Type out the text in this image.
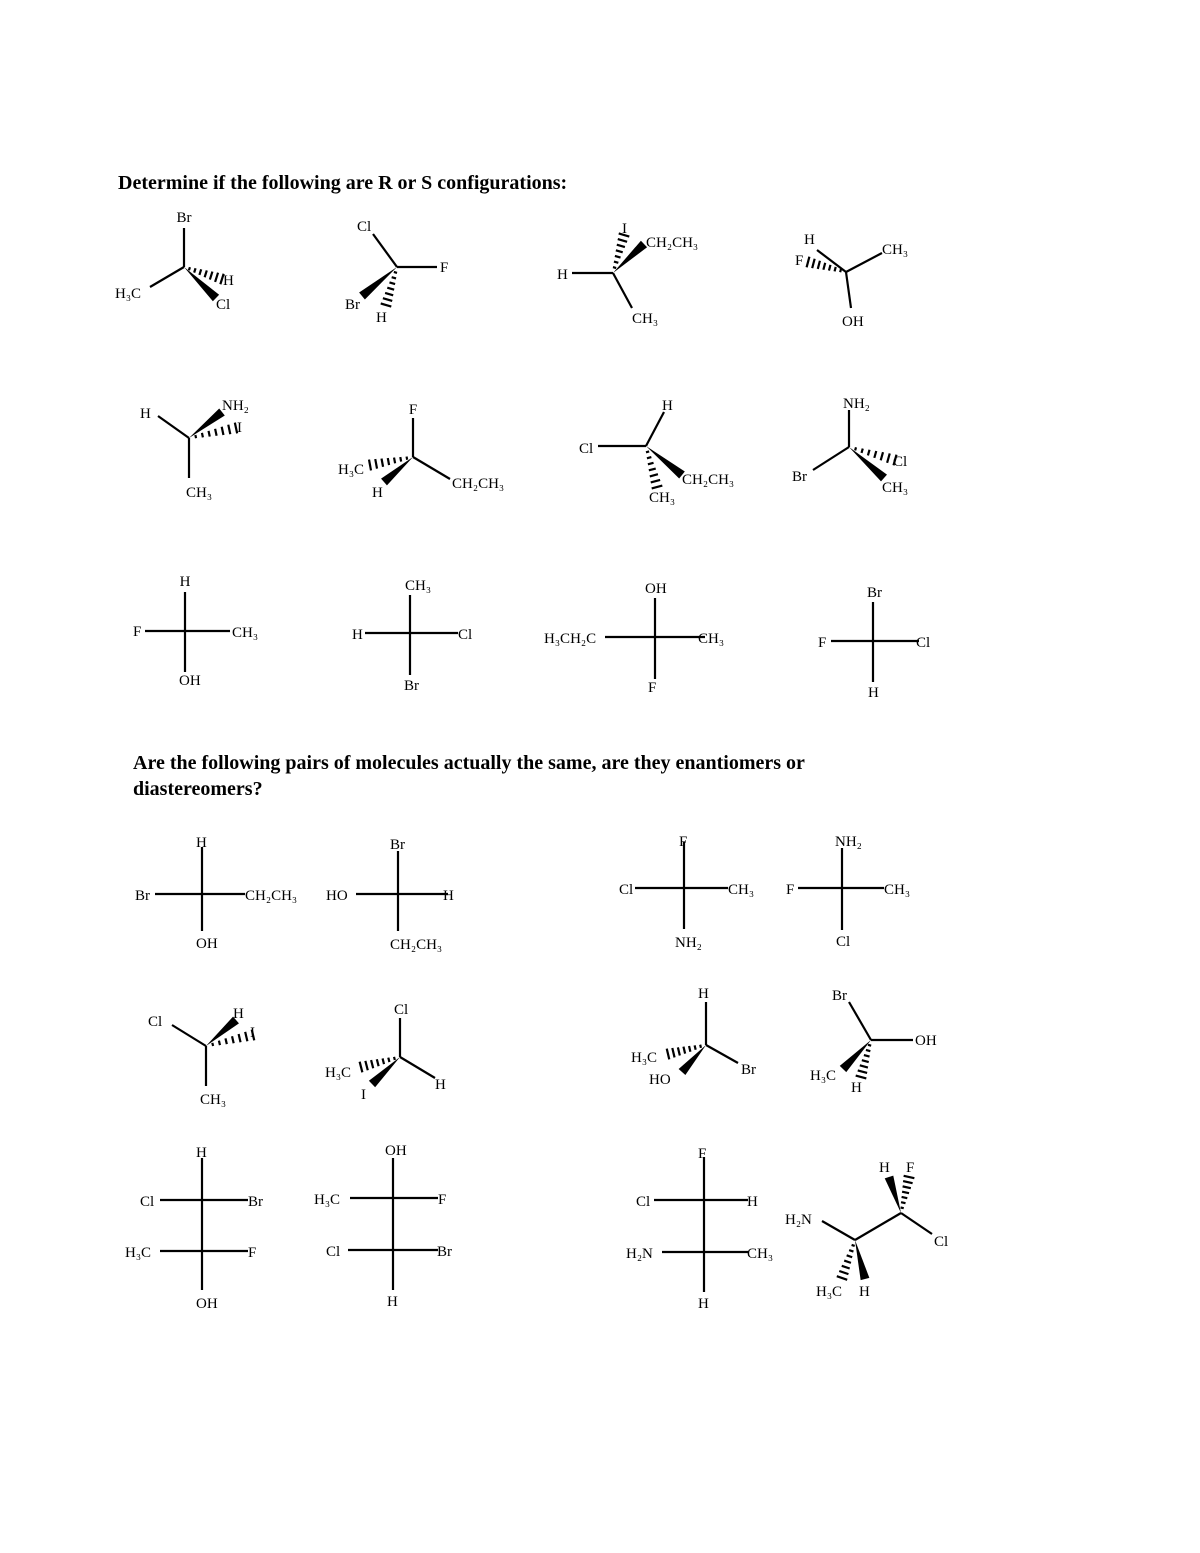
Determine if the following are R or S configurations:
Are the following pairs of molecules actually the same, are they enantiomers or
diastereomers?
Br
H₃C
H
Cl
Cl
F
Br
H
H
I
CH₂CH₃
CH₃
H
CH₃
F
OH
H	NH₂
I
CH₃
F
H₃C
H
CH₂CH₃
H
Cl
CH₃
CH₂CH₃
NH₂
Br
Cl
CH₃
H
F	CH₃
OH
CH₃
H	Cl
Br
OH
H₃CH₂C	CH₃
F
Br
F	Cl
H
H
Br	CH₂CH₃
OH
Br
HO	H
CH₂CH₃
F
Cl	CH₃
NH₂
NH₂
F	CH₃
Cl
Cl	H
I
CH₃
Cl
H₃C
I
H
H
H₃C
HO
Br
Br
OH
H₃C
H
H
Cl	Br
H₃C	F
OH
OH
H₃C	F
Cl	Br
H
F
Cl	H
H₂N	CH₃
H
H₂N
H F
Cl
H₃C H
